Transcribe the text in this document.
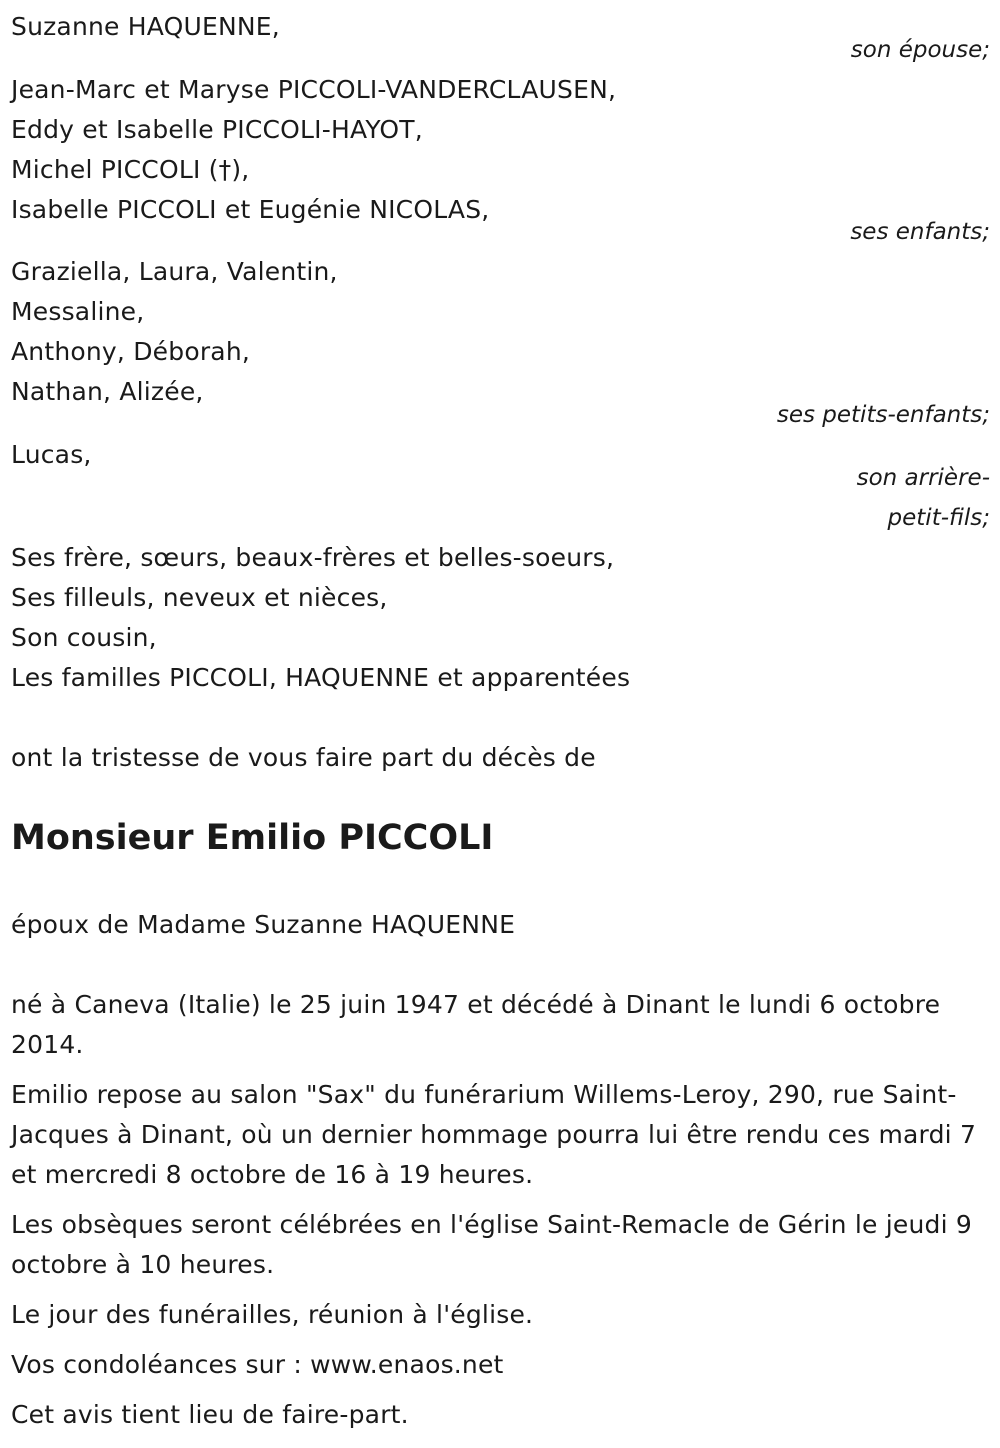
Suzanne HAQUENNE,
son épouse;
Jean-Marc et Maryse PICCOLI-VANDERCLAUSEN,
Eddy et Isabelle PICCOLI-HAYOT,
Michel PICCOLI (†),
Isabelle PICCOLI et Eugénie NICOLAS,
ses enfants;
Graziella, Laura, Valentin,
Messaline,
Anthony, Déborah,
Nathan, Alizée,
ses petits-enfants;
Lucas,
son arrière-
petit-fils;
Ses frère, sœurs, beaux-frères et belles-soeurs,
Ses filleuls, neveux et nièces,
Son cousin,
Les familles PICCOLI, HAQUENNE et apparentées
ont la tristesse de vous faire part du décès de
Monsieur Emilio PICCOLI
époux de Madame Suzanne HAQUENNE
né à Caneva (Italie) le 25 juin 1947 et décédé à Dinant le lundi 6 octobre 2014.
Emilio repose au salon "Sax" du funérarium Willems-Leroy, 290, rue Saint-Jacques à Dinant, où un dernier hommage pourra lui être rendu ces mardi 7 et mercredi 8 octobre de 16 à 19 heures.
Les obsèques seront célébrées en l'église Saint-Remacle de Gérin le jeudi 9 octobre à 10 heures.
Le jour des funérailles, réunion à l'église.
Vos condoléances sur : www.enaos.net
Cet avis tient lieu de faire-part.
